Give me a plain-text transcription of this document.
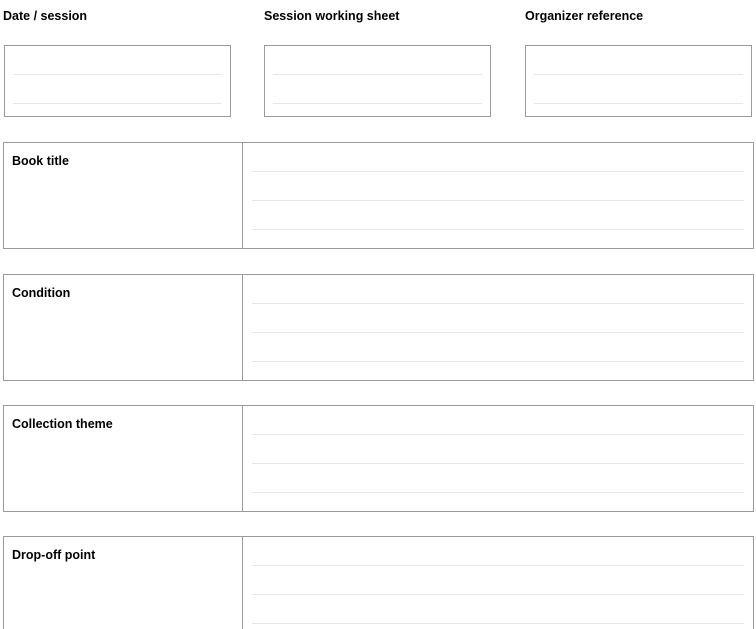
Date / session	Session working sheet	Organizer reference
Book title
Condition
Collection theme
Drop-off point
